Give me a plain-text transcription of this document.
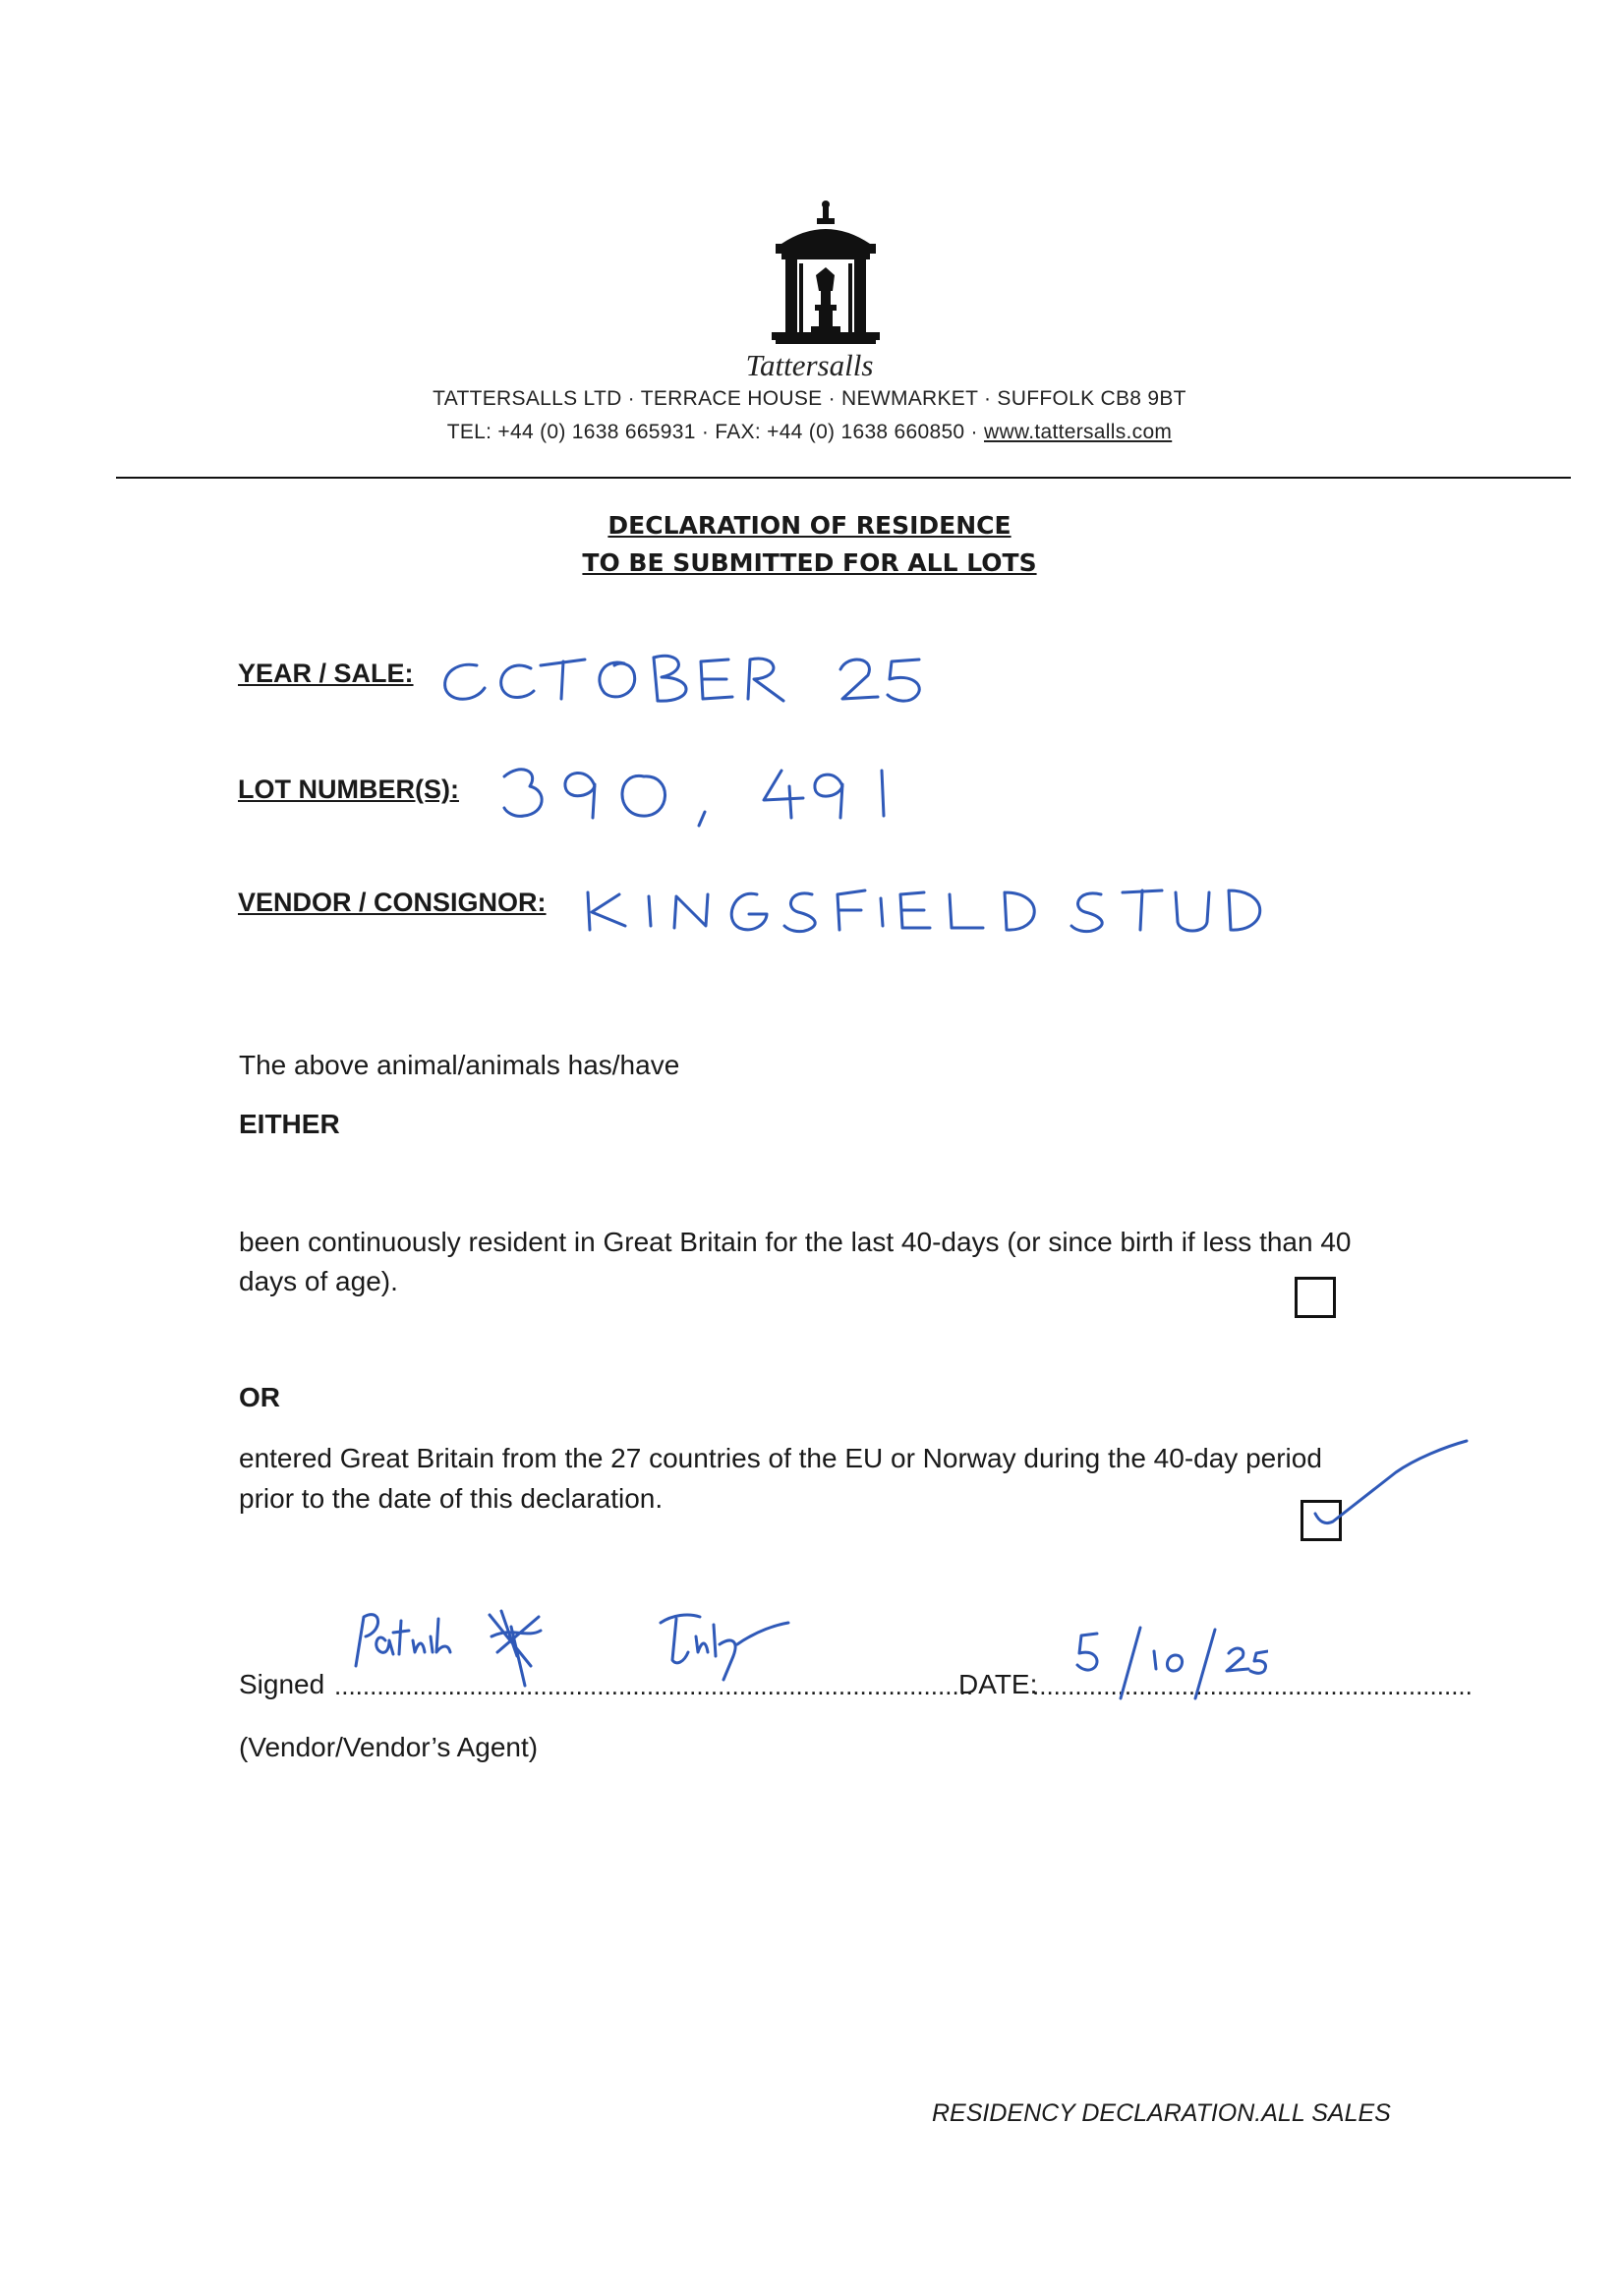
Tattersalls
TATTERSALLS LTD · TERRACE HOUSE · NEWMARKET · SUFFOLK CB8 9BT
TEL: +44 (0) 1638 665931 · FAX: +44 (0) 1638 660850 · www.tattersalls.com
DECLARATION OF RESIDENCE
TO BE SUBMITTED FOR ALL LOTS
YEAR / SALE:
LOT NUMBER(S):
VENDOR / CONSIGNOR:
The above animal/animals has/have
EITHER
been continuously resident in Great Britain for the last 40-days (or since birth if less than 40
days of age).
OR
entered Great Britain from the 27 countries of the EU or Norway during the 40-day period
prior to the date of this declaration.
Signed ..........................................................................................
DATE:
..............................................................
(Vendor/Vendor’s Agent)
RESIDENCY DECLARATION.ALL SALES
